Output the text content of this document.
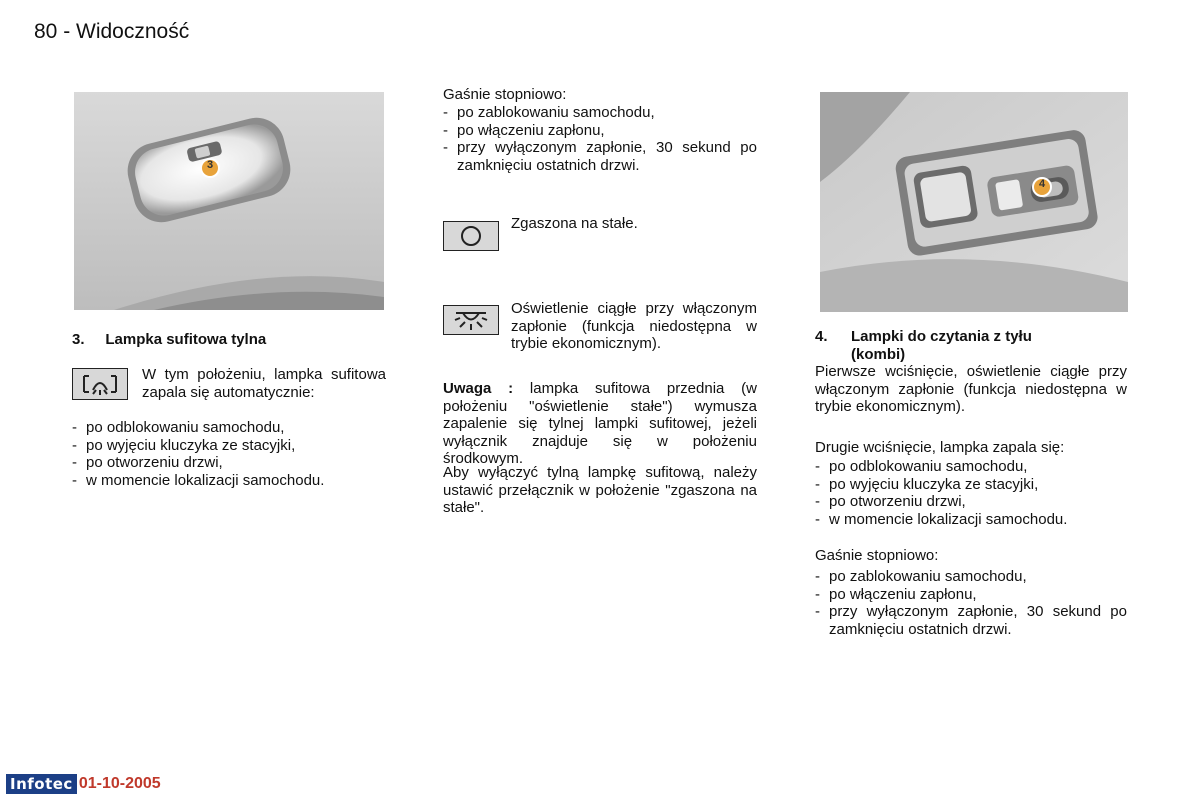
80 - Widoczność
3
3.     Lampka sufitowa tylna
W tym położeniu, lampka sufitowa zapala się automatycznie:
- po odblokowaniu samochodu,
- po wyjęciu kluczyka ze stacyjki,
- po otworzeniu drzwi,
- w momencie lokalizacji samochodu.
Gaśnie stopniowo:
- po zablokowaniu samochodu,
- po włączeniu zapłonu,
- przy wyłączonym zapłonie, 30 sekund po zamknięciu ostatnich drzwi.
Zgaszona na stałe.
Oświetlenie ciągłe przy włączonym zapłonie (funkcja niedostępna w trybie ekonomicznym).
Uwaga : lampka sufitowa przednia (w położeniu "oświetlenie stałe") wymusza zapalenie się tylnej lampki sufitowej, jeżeli wyłącznik znajduje się w położeniu środkowym.
Aby wyłączyć tylną lampkę sufitową, należy ustawić przełącznik w położenie "zgaszona na stałe".
4
4. Lampki do czytania z tyłu
(kombi)
Pierwsze wciśnięcie, oświetlenie ciągłe przy włączonym zapłonie (funkcja niedostępna w trybie ekonomicznym).
Drugie wciśnięcie, lampka zapala się:
- po odblokowaniu samochodu,
- po wyjęciu kluczyka ze stacyjki,
- po otworzeniu drzwi,
- w momencie lokalizacji samochodu.
Gaśnie stopniowo:
- po zablokowaniu samochodu,
- po włączeniu zapłonu,
- przy wyłączonym zapłonie, 30 sekund po zamknięciu ostatnich drzwi.
Infotec 01-10-2005
